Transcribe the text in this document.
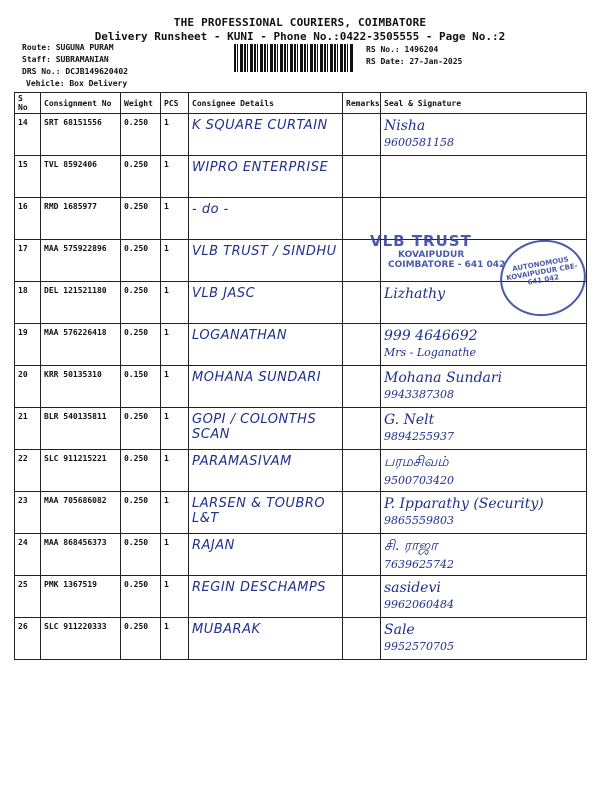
THE PROFESSIONAL COURIERS, COIMBATORE
Delivery Runsheet - KUNI - Phone No.:0422-3505555 - Page No.:2
Route: SUGUNA PURAM
Staff: SUBRAMANIAN
DRS No.: DCJB149620402
Vehicle: Box Delivery
RS No.: 1496204
RS Date: 27-Jan-2025
S No	Consignment No	Weight	PCS	Consignee Details	Remarks	Seal & Signature
14	SRT 68151556	0.250	1	K SQUARE CURTAIN		Nisha
9600581158

15	TVL 8592406	0.250	1	WIPRO ENTERPRISE		

16	RMD 1685977	0.250	1	- do -		

17	MAA 575922896	0.250	1	VLB TRUST / SINDHU		

18	DEL 121521180	0.250	1	VLB JASC		Lizhathy

19	MAA 576226418	0.250	1	LOGANATHAN		999 4646692
Mrs - Loganathe

20	KRR 50135310	0.150	1	MOHANA SUNDARI		Mohana Sundari
9943387308

21	BLR 540135811	0.250	1	GOPI / COLONTHS SCAN		G. Nelt
9894255937

22	SLC 911215221	0.250	1	PARAMASIVAM		பரமசிவம்
9500703420

23	MAA 705686082	0.250	1	LARSEN & TOUBRO L&T		P. Ipparathy (Security)
9865559803

24	MAA 868456373	0.250	1	RAJAN		சி. ராஜா
7639625742

25	PMK 1367519	0.250	1	REGIN DESCHAMPS		sasidevi
9962060484

26	SLC 911220333	0.250	1	MUBARAK		Sale
9952570705
VLB TRUST
KOVAIPUDUR
COIMBATORE - 641 042 AUTONOMOUS KOVAIPUDUR CBE-641 042
